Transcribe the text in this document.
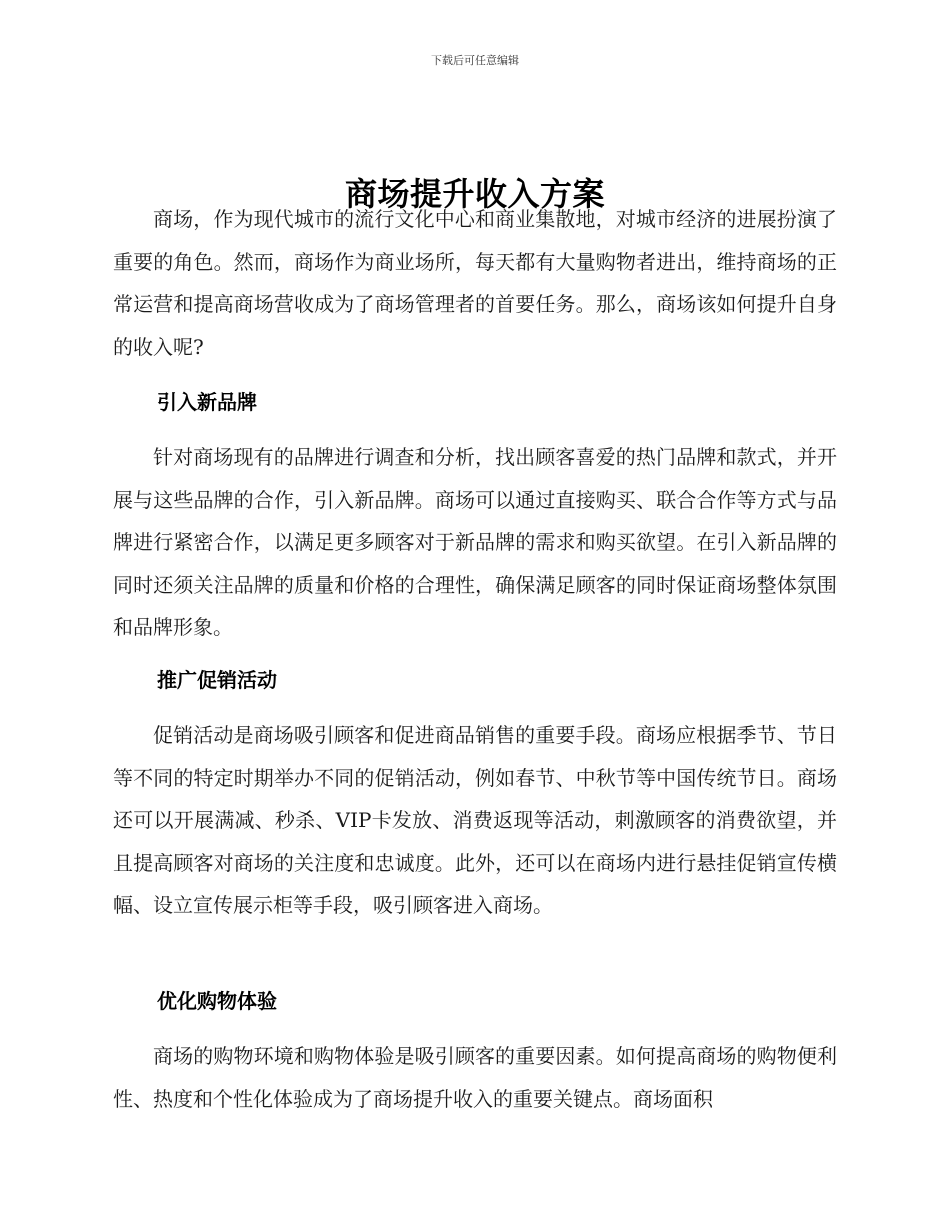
下载后可任意编辑
商场提升收入方案

商场，作为现代城市的流行文化中心和商业集散地，对城市经济的进展扮演了重要的角色。然而，商场作为商业场所，每天都有大量购物者进出，维持商场的正常运营和提高商场营收成为了商场管理者的首要任务。那么，商场该如何提升自身的收入呢?

引入新品牌

针对商场现有的品牌进行调查和分析，找出顾客喜爱的热门品牌和款式，并开展与这些品牌的合作，引入新品牌。商场可以通过直接购买、联合合作等方式与品牌进行紧密合作，以满足更多顾客对于新品牌的需求和购买欲望。在引入新品牌的同时还须关注品牌的质量和价格的合理性，确保满足顾客的同时保证商场整体氛围和品牌形象。

推广促销活动

促销活动是商场吸引顾客和促进商品销售的重要手段。商场应根据季节、节日等不同的特定时期举办不同的促销活动，例如春节、中秋节等中国传统节日。商场还可以开展满减、秒杀、VIP卡发放、消费返现等活动，刺激顾客的消费欲望，并且提高顾客对商场的关注度和忠诚度。此外，还可以在商场内进行悬挂促销宣传横幅、设立宣传展示柜等手段，吸引顾客进入商场。

优化购物体验

商场的购物环境和购物体验是吸引顾客的重要因素。如何提高商场的购物便利性、热度和个性化体验成为了商场提升收入的重要关键点。商场面积
